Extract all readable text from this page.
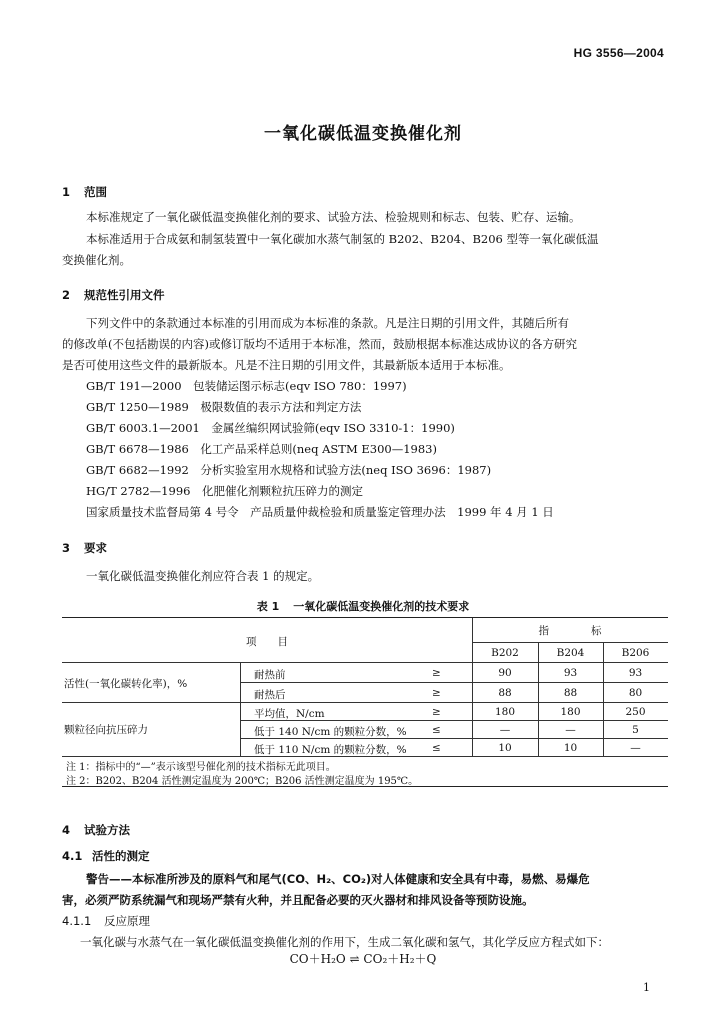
HG 3556—2004
一氧化碳低温变换催化剂
1 范围
本标准规定了一氧化碳低温变换催化剂的要求、试验方法、检验规则和标志、包装、贮存、运输。
本标准适用于合成氨和制氢装置中一氧化碳加水蒸气制氢的 B202、B204、B206 型等一氧化碳低温
变换催化剂。
2 规范性引用文件
下列文件中的条款通过本标准的引用而成为本标准的条款。凡是注日期的引用文件，其随后所有
的修改单(不包括勘误的内容)或修订版均不适用于本标准，然而，鼓励根据本标准达成协议的各方研究
是否可使用这些文件的最新版本。凡是不注日期的引用文件，其最新版本适用于本标准。
GB/T 191—2000　包装储运图示标志(eqv ISO 780：1997)
GB/T 1250—1989　极限数值的表示方法和判定方法
GB/T 6003.1—2001　金属丝编织网试验筛(eqv ISO 3310-1：1990)
GB/T 6678—1986　化工产品采样总则(neq ASTM E300—1983)
GB/T 6682—1992　分析实验室用水规格和试验方法(neq ISO 3696：1987)
HG/T 2782—1996　化肥催化剂颗粒抗压碎力的测定
国家质量技术监督局第 4 号令　产品质量仲裁检验和质量鉴定管理办法　1999 年 4 月 1 日
3 要求
一氧化碳低温变换催化剂应符合表 1 的规定。
表 1 一氧化碳低温变换催化剂的技术要求
项　　目
指　　　　标
B202	B204	B206
活性(一氧化碳转化率)，%
颗粒径向抗压碎力
耐热前	≥	90	93	93
耐热后	≥	88	88	80
平均值，N/cm	≥	180	180	250
低于 140 N/cm 的颗粒分数，% ≤	—	—	5
低于 110 N/cm 的颗粒分数，% ≤	10	10	—
注 1：指标中的“—”表示该型号催化剂的技术指标无此项目。
注 2：B202、B204 活性测定温度为 200℃；B206 活性测定温度为 195℃。
4 试验方法
4.1 活性的测定
警告——本标准所涉及的原料气和尾气(CO、H₂、CO₂)对人体健康和安全具有中毒，易燃、易爆危
害，必须严防系统漏气和现场严禁有火种，并且配备必要的灭火器材和排风设备等预防设施。
4.1.1 反应原理
一氧化碳与水蒸气在一氧化碳低温变换催化剂的作用下，生成二氧化碳和氢气，其化学反应方程式如下：
CO＋H₂O ⇌ CO₂＋H₂＋Q
1
